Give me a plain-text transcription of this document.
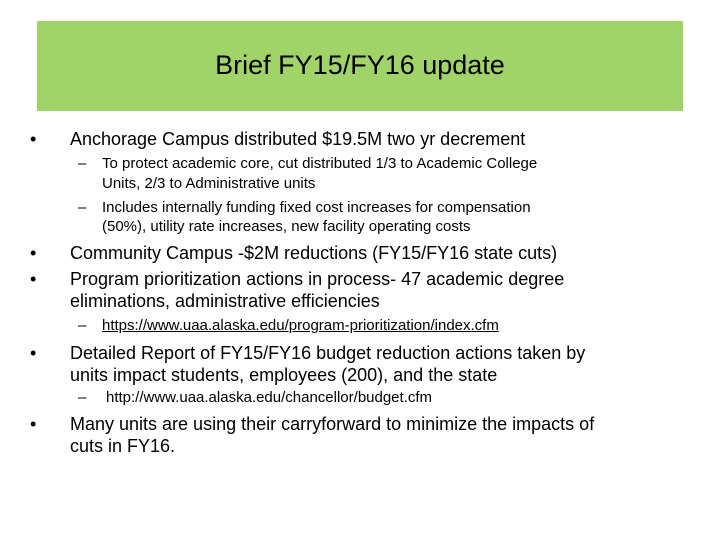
Brief FY15/FY16 update
• Anchorage Campus distributed $19.5M two yr decrement
– To protect academic core, cut distributed 1/3 to Academic College
Units, 2/3 to Administrative units
– Includes internally funding fixed cost increases for compensation
(50%), utility rate increases, new facility operating costs
• Community Campus -$2M reductions (FY15/FY16 state cuts)
• Program prioritization actions in process- 47 academic degree
eliminations, administrative efficiencies
– https://www.uaa.alaska.edu/program-prioritization/index.cfm
• Detailed Report of FY15/FY16 budget reduction actions taken by
units impact students, employees (200), and the state
– http://www.uaa.alaska.edu/chancellor/budget.cfm
• Many units are using their carryforward to minimize the impacts of
cuts in FY16.
